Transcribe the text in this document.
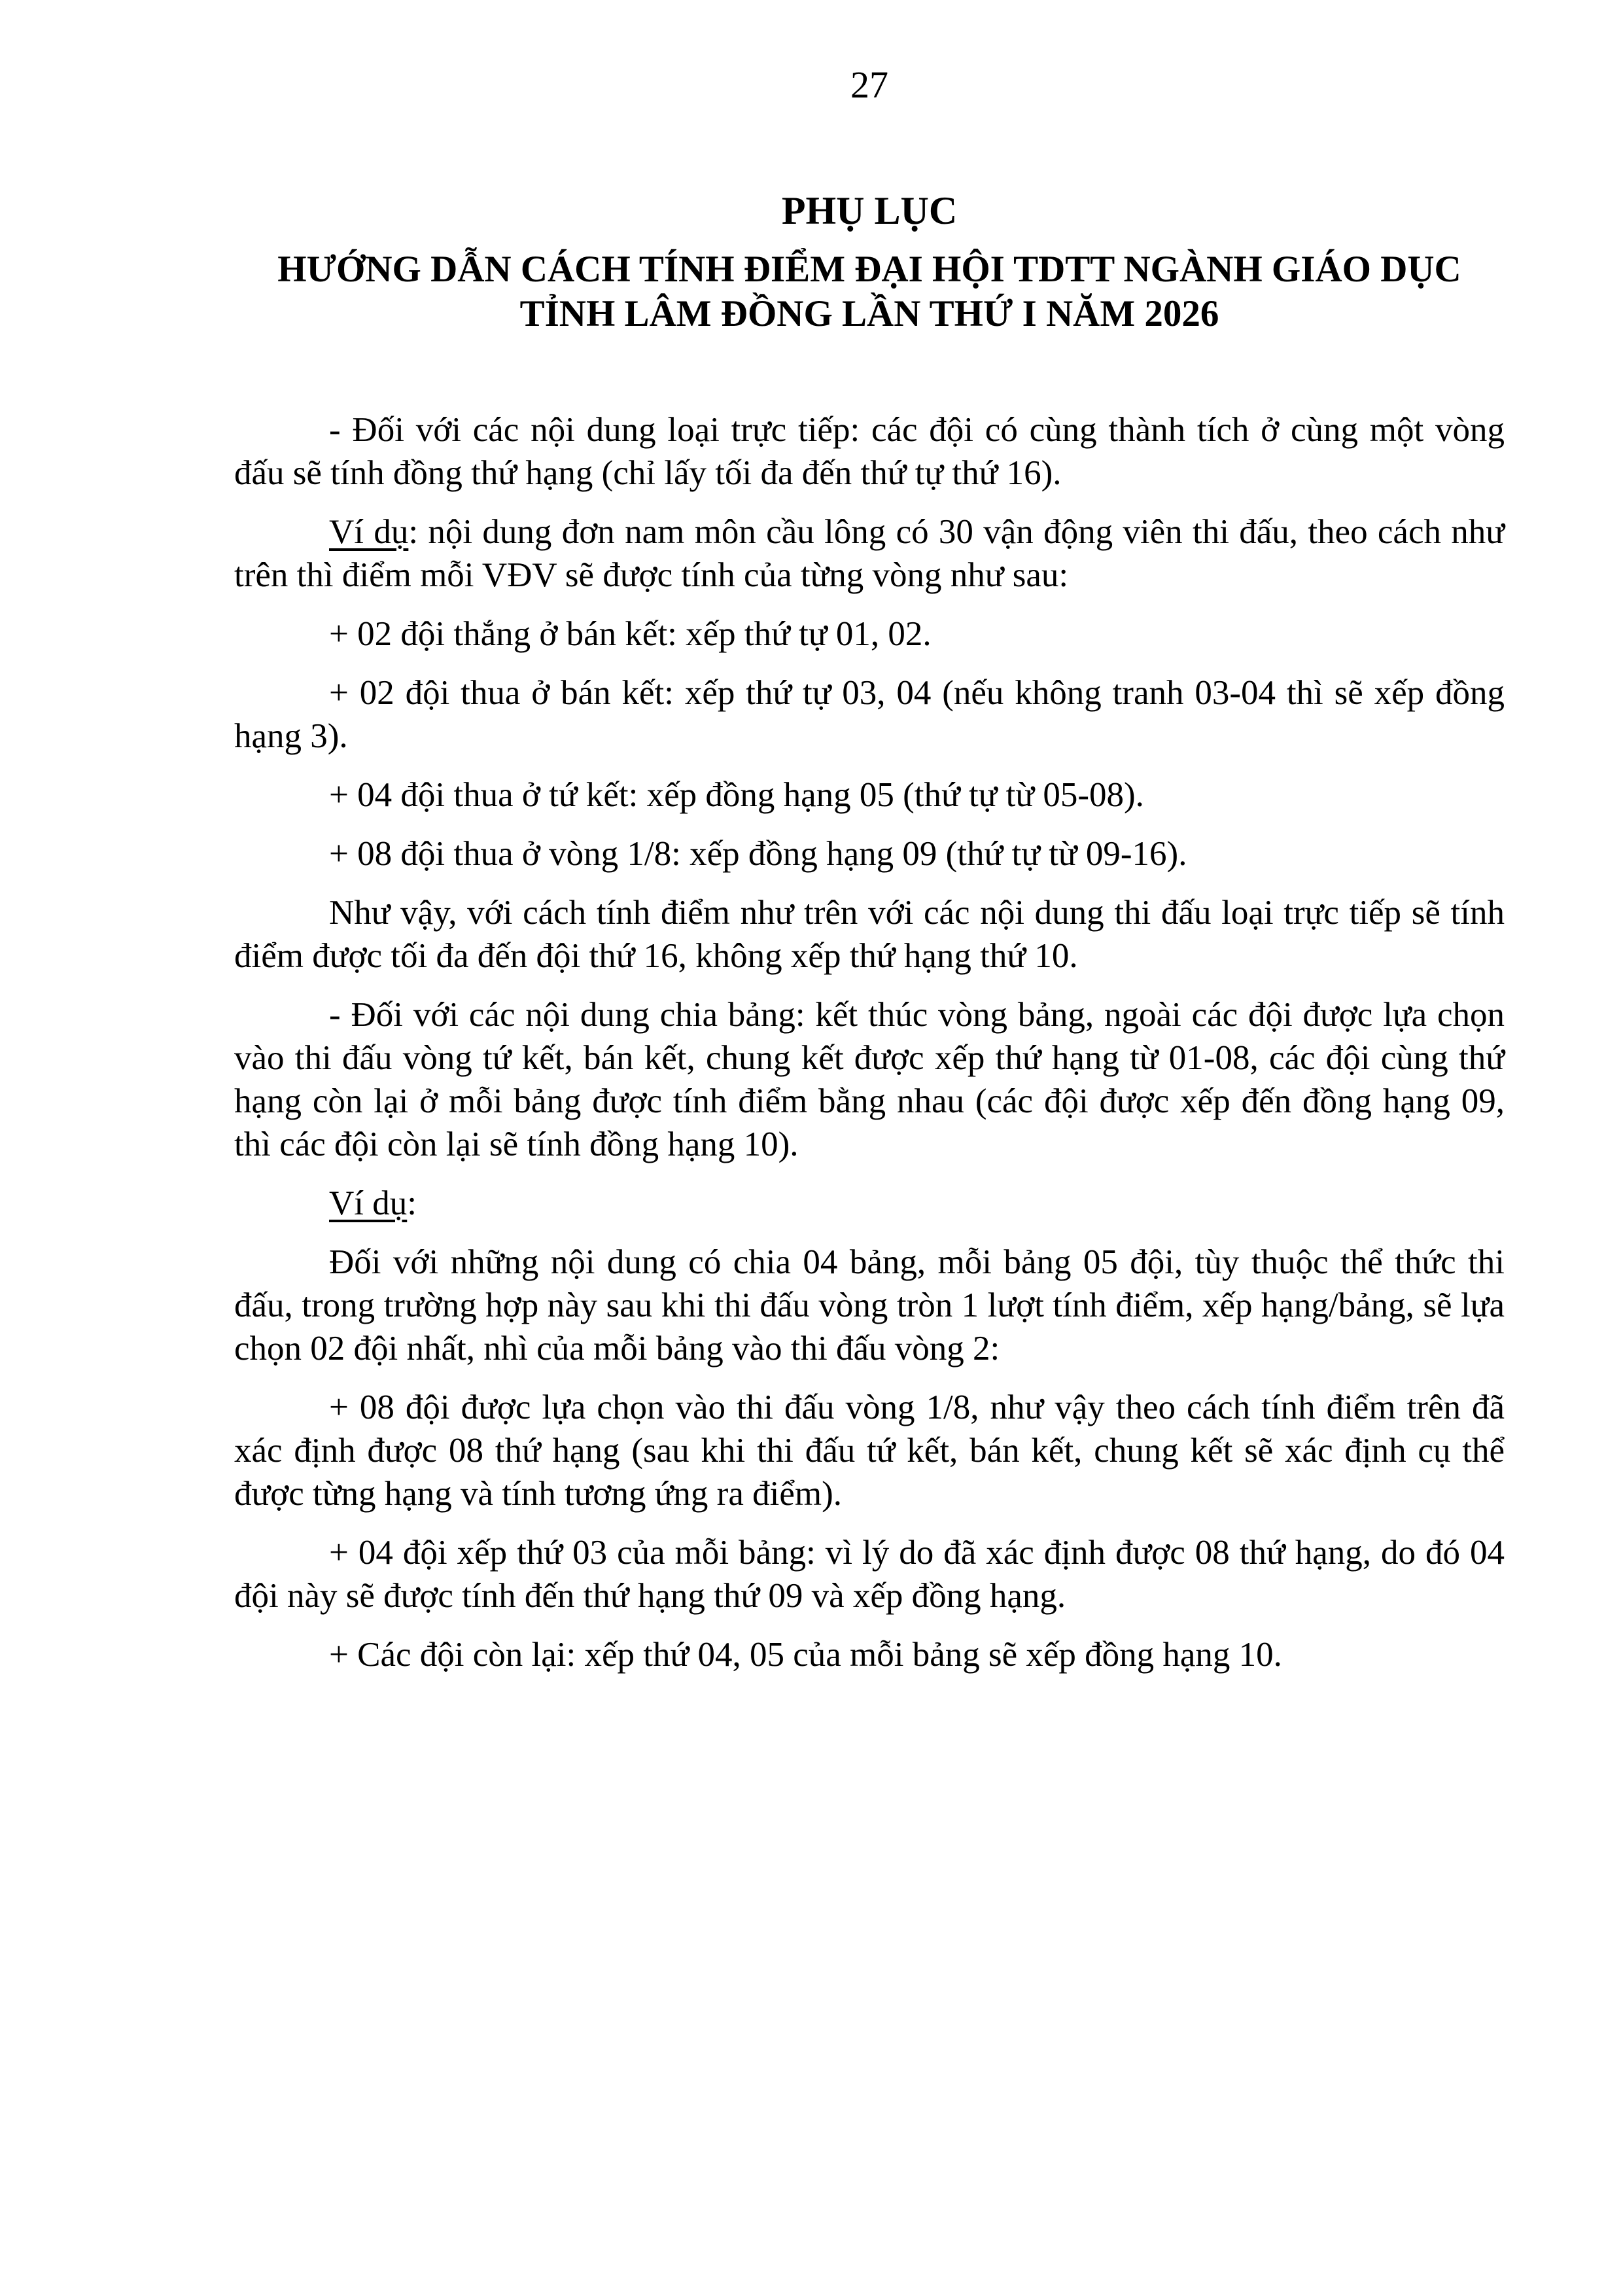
27
PHỤ LỤC
HƯỚNG DẪN CÁCH TÍNH ĐIỂM ĐẠI HỘI TDTT NGÀNH GIÁO DỤC
TỈNH LÂM ĐỒNG LẦN THỨ I NĂM 2026

- Đối với các nội dung loại trực tiếp: các đội có cùng thành tích ở cùng một vòng đấu sẽ tính đồng thứ hạng (chỉ lấy tối đa đến thứ tự thứ 16).

Ví dụ: nội dung đơn nam môn cầu lông có 30 vận động viên thi đấu, theo cách như trên thì điểm mỗi VĐV sẽ được tính của từng vòng như sau:

+ 02 đội thắng ở bán kết: xếp thứ tự 01, 02.

+ 02 đội thua ở bán kết: xếp thứ tự 03, 04 (nếu không tranh 03-04 thì sẽ xếp đồng hạng 3).

+ 04 đội thua ở tứ kết: xếp đồng hạng 05 (thứ tự từ 05-08).

+ 08 đội thua ở vòng 1/8: xếp đồng hạng 09 (thứ tự từ 09-16).

Như vậy, với cách tính điểm như trên với các nội dung thi đấu loại trực tiếp sẽ tính điểm được tối đa đến đội thứ 16, không xếp thứ hạng thứ 10.

- Đối với các nội dung chia bảng: kết thúc vòng bảng, ngoài các đội được lựa chọn vào thi đấu vòng tứ kết, bán kết, chung kết được xếp thứ hạng từ 01-08, các đội cùng thứ hạng còn lại ở mỗi bảng được tính điểm bằng nhau (các đội được xếp đến đồng hạng 09, thì các đội còn lại sẽ tính đồng hạng 10).

Ví dụ:

Đối với những nội dung có chia 04 bảng, mỗi bảng 05 đội, tùy thuộc thể thức thi đấu, trong trường hợp này sau khi thi đấu vòng tròn 1 lượt tính điểm, xếp hạng/bảng, sẽ lựa chọn 02 đội nhất, nhì của mỗi bảng vào thi đấu vòng 2:

+ 08 đội được lựa chọn vào thi đấu vòng 1/8, như vậy theo cách tính điểm trên đã xác định được 08 thứ hạng (sau khi thi đấu tứ kết, bán kết, chung kết sẽ xác định cụ thể được từng hạng và tính tương ứng ra điểm).

+ 04 đội xếp thứ 03 của mỗi bảng: vì lý do đã xác định được 08 thứ hạng, do đó 04 đội này sẽ được tính đến thứ hạng thứ 09 và xếp đồng hạng.

+ Các đội còn lại: xếp thứ 04, 05 của mỗi bảng sẽ xếp đồng hạng 10.
